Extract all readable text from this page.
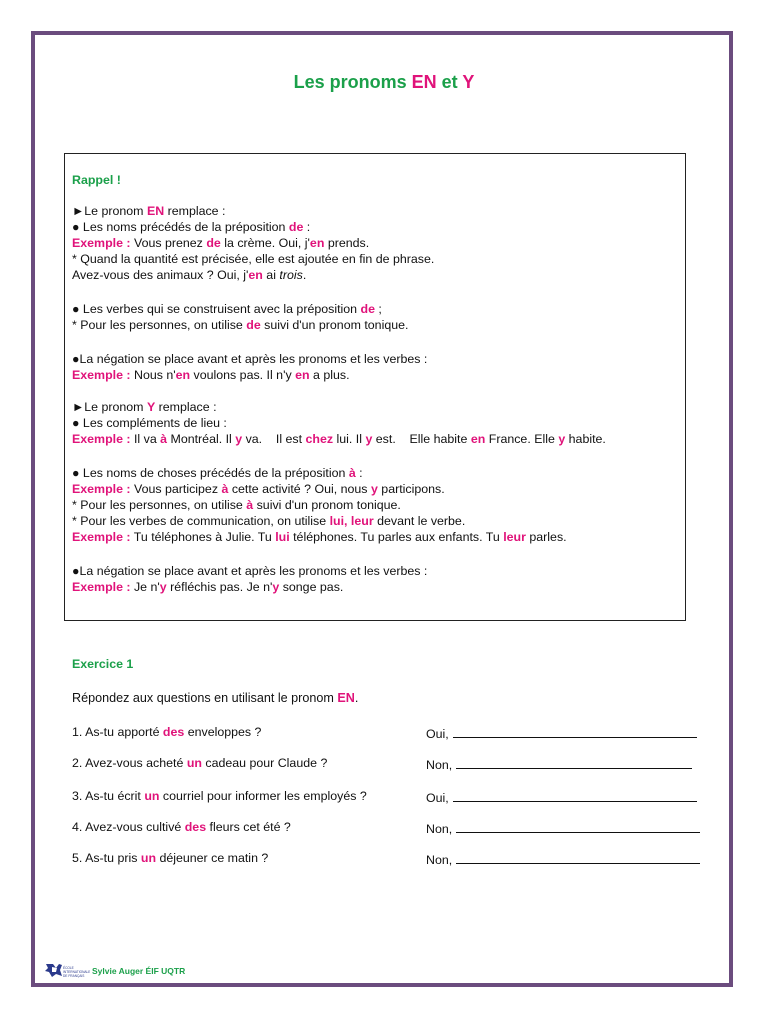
Les pronoms EN et Y
Rappel !
►Le pronom EN remplace :
● Les noms précédés de la préposition de :
Exemple : Vous prenez de la crème. Oui, j'en prends.
* Quand la quantité est précisée, elle est ajoutée en fin de phrase.
Avez-vous des animaux ? Oui, j'en ai trois.
● Les verbes qui se construisent avec la préposition de ;
* Pour les personnes, on utilise de suivi d'un pronom tonique.
●La négation se place avant et après les pronoms et les verbes :
Exemple : Nous n'en voulons pas. Il n'y en a plus.
►Le pronom Y remplace :
● Les compléments de lieu :
Exemple : Il va à Montréal. Il y va.    Il est chez lui. Il y est.    Elle habite en France. Elle y habite.
● Les noms de choses précédés de la préposition à :
Exemple : Vous participez à cette activité ? Oui, nous y participons.
* Pour les personnes, on utilise à suivi d'un pronom tonique.
* Pour les verbes de communication, on utilise lui, leur devant le verbe.
Exemple : Tu téléphones à Julie. Tu lui téléphones. Tu parles aux enfants. Tu leur parles.
●La négation se place avant et après les pronoms et les verbes :
Exemple : Je n'y réfléchis pas. Je n'y songe pas.
Exercice 1
Répondez aux questions en utilisant le pronom EN.
1. As-tu apporté des enveloppes ?	Oui,
2. Avez-vous acheté un cadeau pour Claude ?	Non,
3. As-tu écrit un courriel pour informer les employés ?	Oui,
4. Avez-vous cultivé des fleurs cet été ?	Non,
5. As-tu pris un déjeuner ce matin ?	Non,
ÉCOLE
INTERNATIONALE
DE FRANÇAIS Sylvie Auger ÉIF UQTR
